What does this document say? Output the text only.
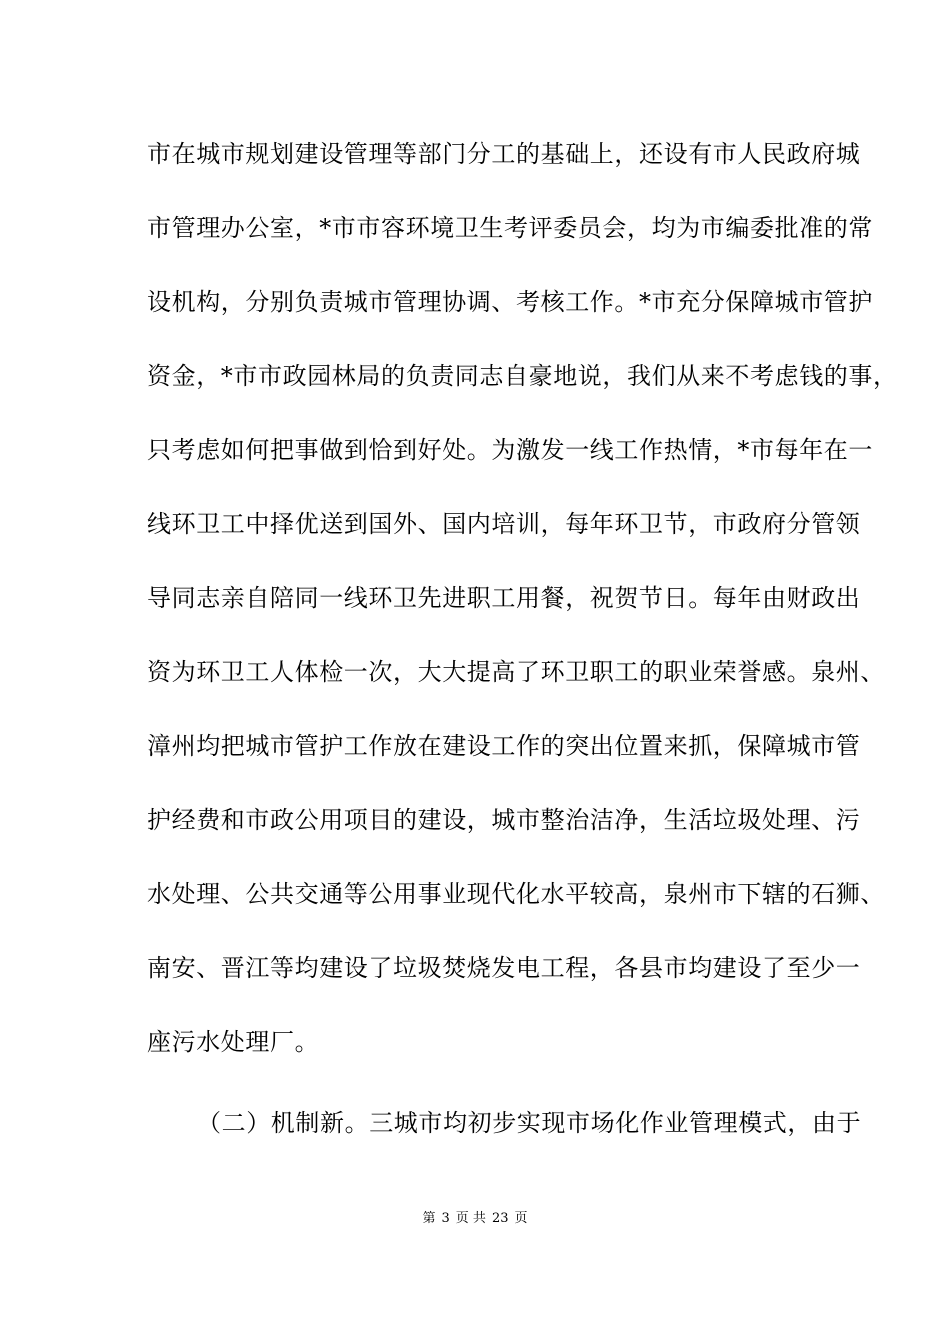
市在城市规划建设管理等部门分工的基础上，还设有市人民政府城
市管理办公室，*市市容环境卫生考评委员会，均为市编委批准的常
设机构，分别负责城市管理协调、考核工作。*市充分保障城市管护
资金，*市市政园林局的负责同志自豪地说，我们从来不考虑钱的事，
只考虑如何把事做到恰到好处。为激发一线工作热情，*市每年在一
线环卫工中择优送到国外、国内培训，每年环卫节，市政府分管领
导同志亲自陪同一线环卫先进职工用餐，祝贺节日。每年由财政出
资为环卫工人体检一次，大大提高了环卫职工的职业荣誉感。泉州、
漳州均把城市管护工作放在建设工作的突出位置来抓，保障城市管
护经费和市政公用项目的建设，城市整治洁净，生活垃圾处理、污
水处理、公共交通等公用事业现代化水平较高，泉州市下辖的石狮、
南安、晋江等均建设了垃圾焚烧发电工程，各县市均建设了至少一
座污水处理厂。
（二）机制新。三城市均初步实现市场化作业管理模式，由于
第 3 页 共 23 页
